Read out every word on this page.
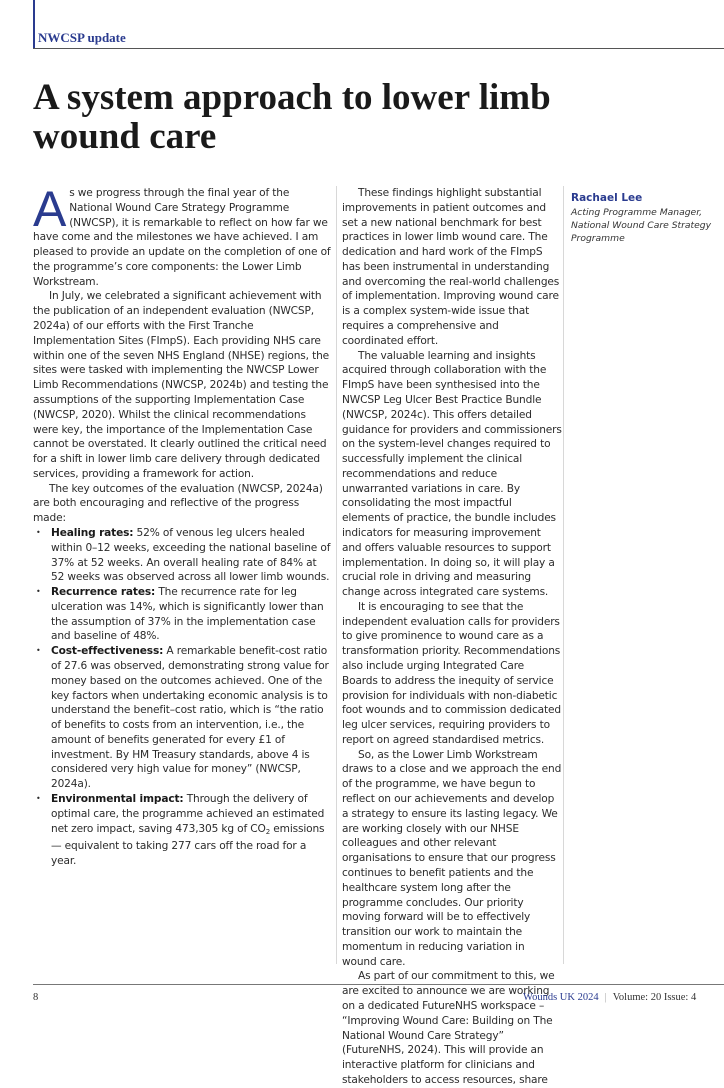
NWCSP update
A system approach to lower limb wound care

As we progress through the final year of the National Wound Care Strategy Programme (NWCSP), it is remarkable to reflect on how far we have come and the milestones we have achieved. I am pleased to provide an update on the completion of one of the programme’s core components: the Lower Limb Workstream.

In July, we celebrated a significant achievement with the publication of an independent evaluation (NWCSP, 2024a) of our efforts with the First Tranche Implementation Sites (FImpS). Each providing NHS care within one of the seven NHS England (NHSE) regions, the sites were tasked with implementing the NWCSP Lower Limb Recommendations (NWCSP, 2024b) and testing the assumptions of the supporting Implementation Case (NWCSP, 2020). Whilst the clinical recommendations were key, the importance of the Implementation Case cannot be overstated. It clearly outlined the critical need for a shift in lower limb care delivery through dedicated services, providing a framework for action.

The key outcomes of the evaluation (NWCSP, 2024a) are both encouraging and reflective of the progress made:

• Healing rates: 52% of venous leg ulcers healed within 0–12 weeks, exceeding the national baseline of 37% at 52 weeks. An overall healing rate of 84% at 52 weeks was observed across all lower limb wounds.
• Recurrence rates: The recurrence rate for leg ulceration was 14%, which is significantly lower than the assumption of 37% in the implementation case and baseline of 48%.
• Cost-effectiveness: A remarkable benefit-cost ratio of 27.6 was observed, demonstrating strong value for money based on the outcomes achieved. One of the key factors when undertaking economic analysis is to understand the benefit–cost ratio, which is “the ratio of benefits to costs from an intervention, i.e., the amount of benefits generated for every £1 of investment. By HM Treasury standards, above 4 is considered very high value for money” (NWCSP, 2024a).
• Environmental impact: Through the delivery of optimal care, the programme achieved an estimated net zero impact, saving 473,305 kg of $CO_2$ emissions — equivalent to taking 277 cars off the road for a year.

These findings highlight substantial improvements in patient outcomes and set a new national benchmark for best practices in lower limb wound care. The dedication and hard work of the FImpS has been instrumental in understanding and overcoming the real-world challenges of implementation. Improving wound care is a complex system-wide issue that requires a comprehensive and coordinated effort.

The valuable learning and insights acquired through collaboration with the FImpS have been synthesised into the NWCSP Leg Ulcer Best Practice Bundle (NWCSP, 2024c). This offers detailed guidance for providers and commissioners on the system-level changes required to successfully implement the clinical recommendations and reduce unwarranted variations in care. By consolidating the most impactful elements of practice, the bundle includes indicators for measuring improvement and offers valuable resources to support implementation. In doing so, it will play a crucial role in driving and measuring change across integrated care systems.

It is encouraging to see that the independent evaluation calls for providers to give prominence to wound care as a transformation priority. Recommendations also include urging Integrated Care Boards to address the inequity of service provision for individuals with non-diabetic foot wounds and to commission dedicated leg ulcer services, requiring providers to report on agreed standardised metrics.

So, as the Lower Limb Workstream draws to a close and we approach the end of the programme, we have begun to reflect on our achievements and develop a strategy to ensure its lasting legacy. We are working closely with our NHSE colleagues and other relevant organisations to ensure that our progress continues to benefit patients and the healthcare system long after the programme concludes. Our priority moving forward will be to effectively transition our work to maintain the momentum in reducing variation in wound care.

As part of our commitment to this, we are excited to announce we are working on a dedicated FutureNHS workspace – “Improving Wound Care: Building on The National Wound Care Strategy” (FutureNHS, 2024). This will provide an interactive platform for clinicians and stakeholders to access resources, share

Rachael Lee
Acting Programme Manager, National Wound Care Strategy Programme
8	Wounds UK 2024 | Volume: 20 Issue: 4
